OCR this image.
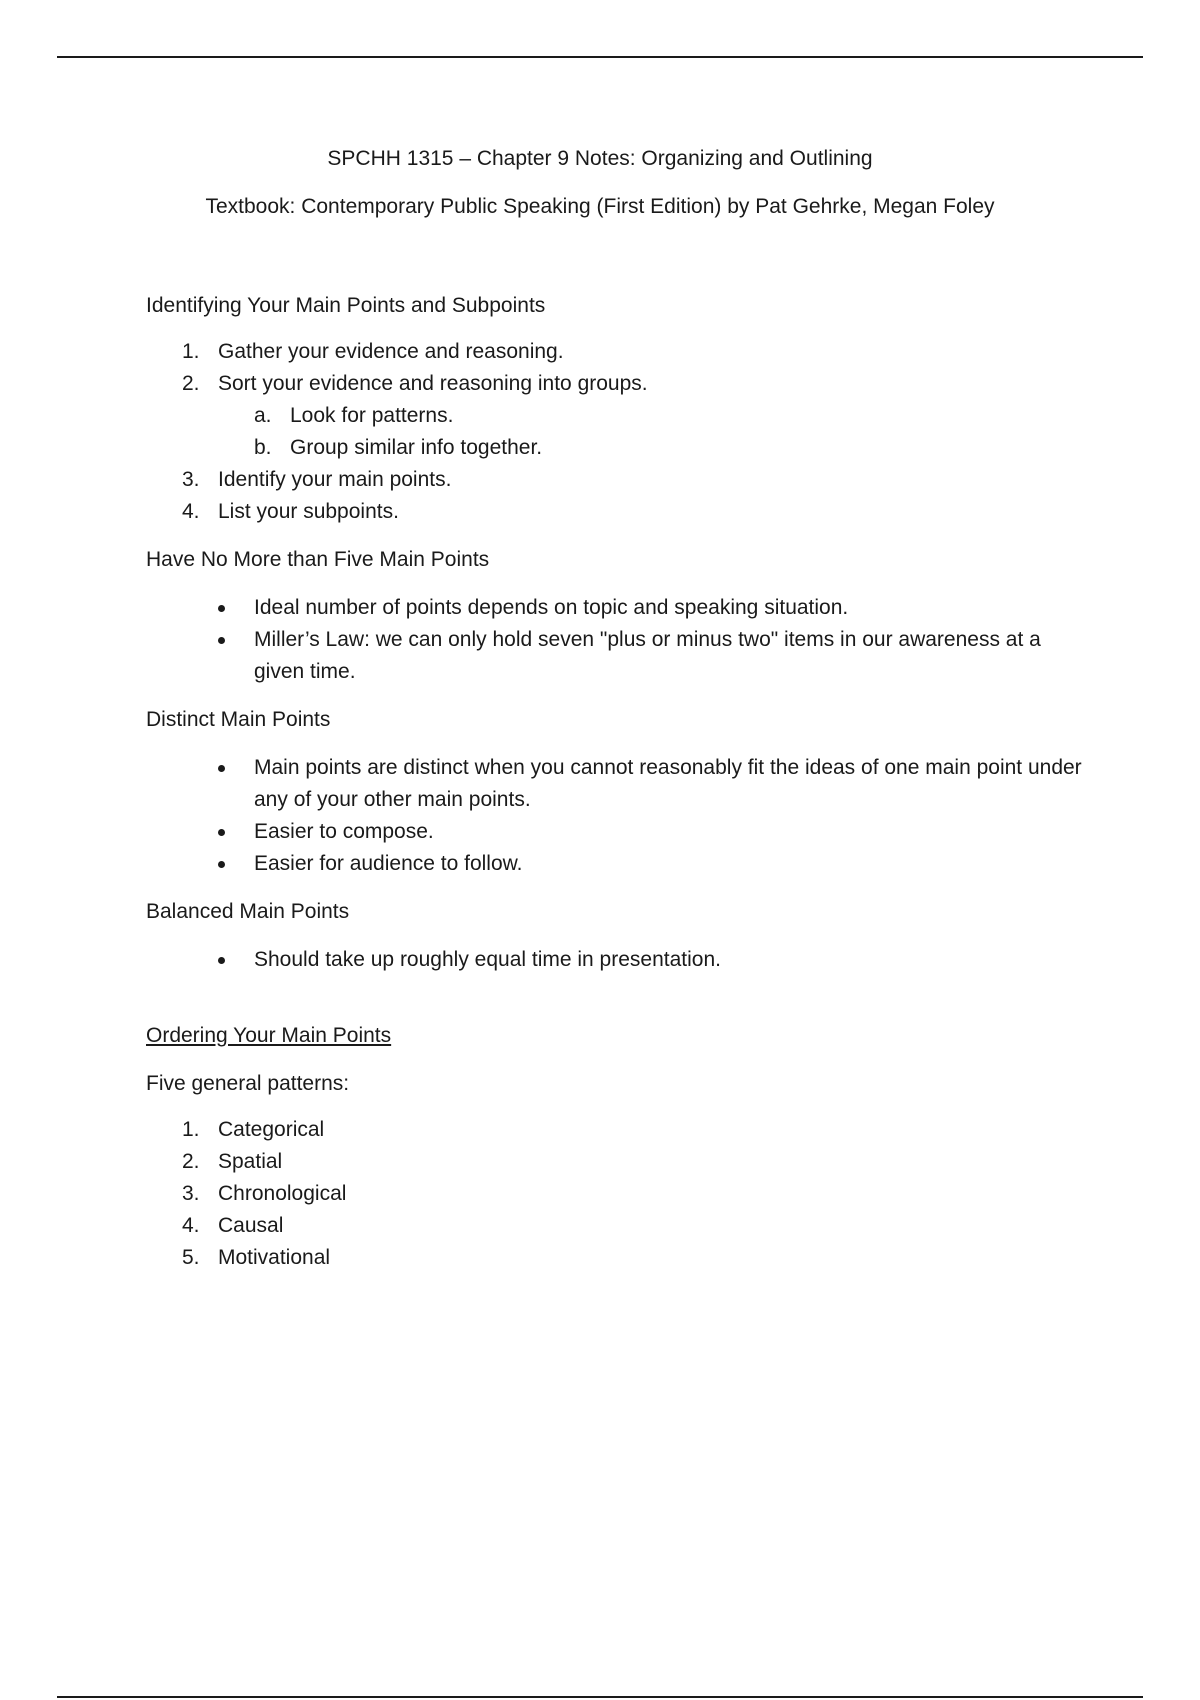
SPCHH 1315 – Chapter 9 Notes: Organizing and Outlining
Textbook: Contemporary Public Speaking (First Edition) by Pat Gehrke, Megan Foley

Identifying Your Main Points and Subpoints

1. Gather your evidence and reasoning.
2. Sort your evidence and reasoning into groups.
a. Look for patterns.
b. Group similar info together.
3. Identify your main points.
4. List your subpoints.

Have No More than Five Main Points

Ideal number of points depends on topic and speaking situation.
Miller’s Law: we can only hold seven "plus or minus two" items in our awareness at a given time.

Distinct Main Points

Main points are distinct when you cannot reasonably fit the ideas of one main point under any of your other main points.
Easier to compose.
Easier for audience to follow.

Balanced Main Points

Should take up roughly equal time in presentation.

Ordering Your Main Points

Five general patterns:

1. Categorical
2. Spatial
3. Chronological
4. Causal
5. Motivational
